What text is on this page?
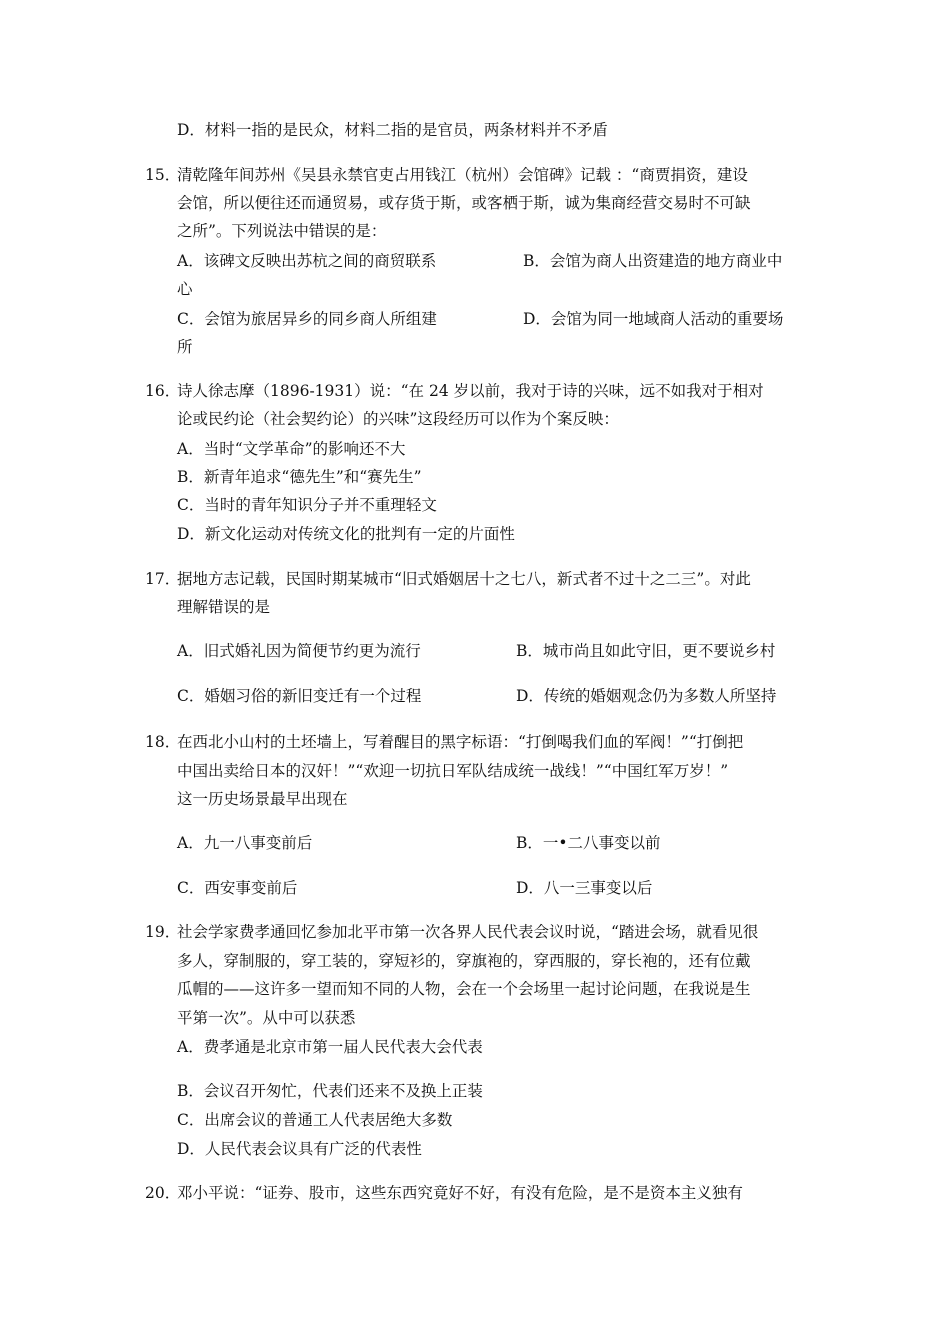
D．材料一指的是民众，材料二指的是官员，两条材料并不矛盾
15．
清乾隆年间苏州《吴县永禁官吏占用钱江（杭州）会馆碑》记载 ：“商贾捐资，建设
会馆，所以便往还而通贸易，或存货于斯，或客栖于斯，诚为集商经营交易时不可缺
之所”。下列说法中错误的是：
A．该碑文反映出苏杭之间的商贸联系	B．会馆为商人出资建造的地方商业中
心
C．会馆为旅居异乡的同乡商人所组建	D．会馆为同一地域商人活动的重要场
所
16．
诗人徐志摩（1896-1931）说：“在 24 岁以前，我对于诗的兴味，远不如我对于相对
论或民约论（社会契约论）的兴味”这段经历可以作为个案反映：
A．当时“文学革命”的影响还不大
B．新青年追求“德先生”和“赛先生”
C．当时的青年知识分子并不重理轻文
D．新文化运动对传统文化的批判有一定的片面性
17．
据地方志记载，民国时期某城市“旧式婚姻居十之七八，新式者不过十之二三”。对此
理解错误的是
A．旧式婚礼因为简便节约更为流行	B．城市尚且如此守旧，更不要说乡村
C．婚姻习俗的新旧变迁有一个过程	D．传统的婚姻观念仍为多数人所坚持
18．
在西北小山村的土坯墙上，写着醒目的黑字标语：“打倒喝我们血的军阀！”“打倒把
中国出卖给日本的汉奸！”“欢迎一切抗日军队结成统一战线！”“中国红军万岁！”
这一历史场景最早出现在
A．九一八事变前后	B．一•二八事变以前
C．西安事变前后	D．八一三事变以后
19．
社会学家费孝通回忆参加北平市第一次各界人民代表会议时说，“踏进会场，就看见很
多人，穿制服的，穿工装的，穿短衫的，穿旗袍的，穿西服的，穿长袍的，还有位戴
瓜帽的——这许多一望而知不同的人物，会在一个会场里一起讨论问题，在我说是生
平第一次”。从中可以获悉
A．费孝通是北京市第一届人民代表大会代表
B．会议召开匆忙，代表们还来不及换上正装
C．出席会议的普通工人代表居绝大多数
D．人民代表会议具有广泛的代表性
20．
邓小平说：“证券、股市，这些东西究竟好不好，有没有危险，是不是资本主义独有
